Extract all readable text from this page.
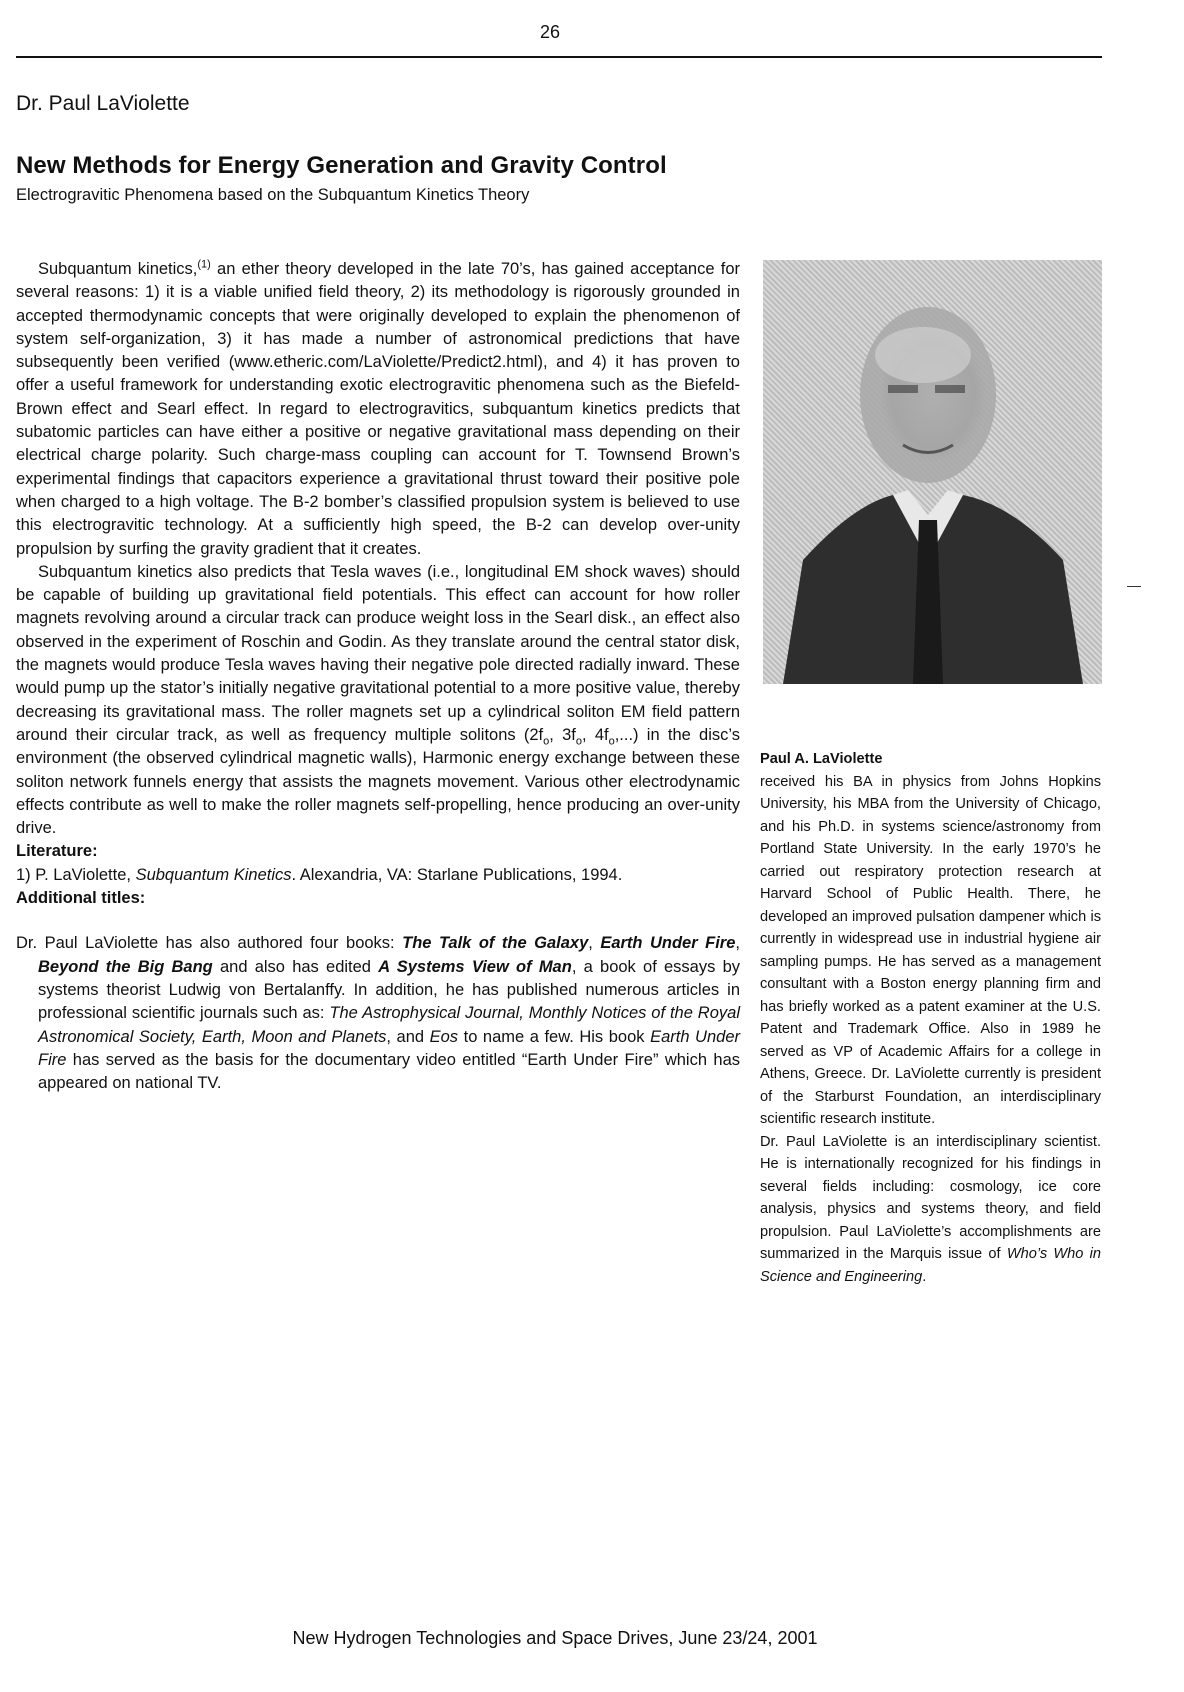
26
Dr. Paul LaViolette
New Methods for Energy Generation and Gravity Control
Electrogravitic Phenomena based on the Subquantum Kinetics Theory

Subquantum kinetics,$^{(1)}$ an ether theory developed in the late 70’s, has gained acceptance for several reasons: 1) it is a viable unified field theory, 2) its methodology is rigorously grounded in accepted thermodynamic concepts that were originally developed to explain the phenomenon of system self-organization, 3) it has made a number of astronomical predictions that have subsequently been verified (www.etheric.com/LaViolette/Predict2.html), and 4) it has proven to offer a useful framework for understanding exotic electrogravitic phenomena such as the Biefeld-Brown effect and Searl effect. In regard to electrogravitics, subquantum kinetics predicts that subatomic particles can have either a positive or negative gravitational mass depending on their electrical charge polarity. Such charge-mass coupling can account for T. Townsend Brown’s experimental findings that capacitors experience a gravitational thrust toward their positive pole when charged to a high voltage. The B-2 bomber’s classified propulsion system is believed to use this electrogravitic technology. At a sufficiently high speed, the B-2 can develop over-unity propulsion by surfing the gravity gradient that it creates.

Subquantum kinetics also predicts that Tesla waves (i.e., longitudinal EM shock waves) should be capable of building up gravitational field potentials. This effect can account for how roller magnets revolving around a circular track can produce weight loss in the Searl disk., an effect also observed in the experiment of Roschin and Godin. As they translate around the central stator disk, the magnets would produce Tesla waves having their negative pole directed radially inward. These would pump up the stator’s initially negative gravitational potential to a more positive value, thereby decreasing its gravitational mass. The roller magnets set up a cylindrical soliton EM field pattern around their circular track, as well as frequency multiple solitons ($2f_o$, $3f_o$, $4f_o$,...) in the disc’s environment (the observed cylindrical magnetic walls), Harmonic energy exchange between these soliton network funnels energy that assists the magnets movement. Various other electrodynamic effects contribute as well to make the roller magnets self-propelling, hence producing an over-unity drive.

Literature:

1) P. LaViolette, Subquantum Kinetics. Alexandria, VA: Starlane Publications, 1994.

Additional titles:

Dr. Paul LaViolette has also authored four books: The Talk of the Galaxy, Earth Under Fire, Beyond the Big Bang and also has edited A Systems View of Man, a book of essays by systems theorist Ludwig von Bertalanffy. In addition, he has published numerous articles in professional scientific journals such as: The Astrophysical Journal, Monthly Notices of the Royal Astronomical Society, Earth, Moon and Planets, and Eos to name a few. His book Earth Under Fire has served as the basis for the documentary video entitled “Earth Under Fire” which has appeared on national TV.

Paul A. LaViolette

received his BA in physics from Johns Hopkins University, his MBA from the University of Chicago, and his Ph.D. in systems science/astronomy from Portland State University. In the early 1970’s he carried out respiratory protection research at Harvard School of Public Health. There, he developed an improved pulsation dampener which is currently in widespread use in industrial hygiene air sampling pumps. He has served as a management consultant with a Boston energy planning firm and has briefly worked as a patent examiner at the U.S. Patent and Trademark Office. Also in 1989 he served as VP of Academic Affairs for a college in Athens, Greece. Dr. LaViolette currently is president of the Starburst Foundation, an interdisciplinary scientific research institute.

Dr. Paul LaViolette is an interdisciplinary scientist. He is internationally recognized for his findings in several fields including: cosmology, ice core analysis, physics and systems theory, and field propulsion. Paul LaViolette’s accomplishments are summarized in the Marquis issue of Who’s Who in Science and Engineering.

New Hydrogen Technologies and Space Drives, June 23/24, 2001
